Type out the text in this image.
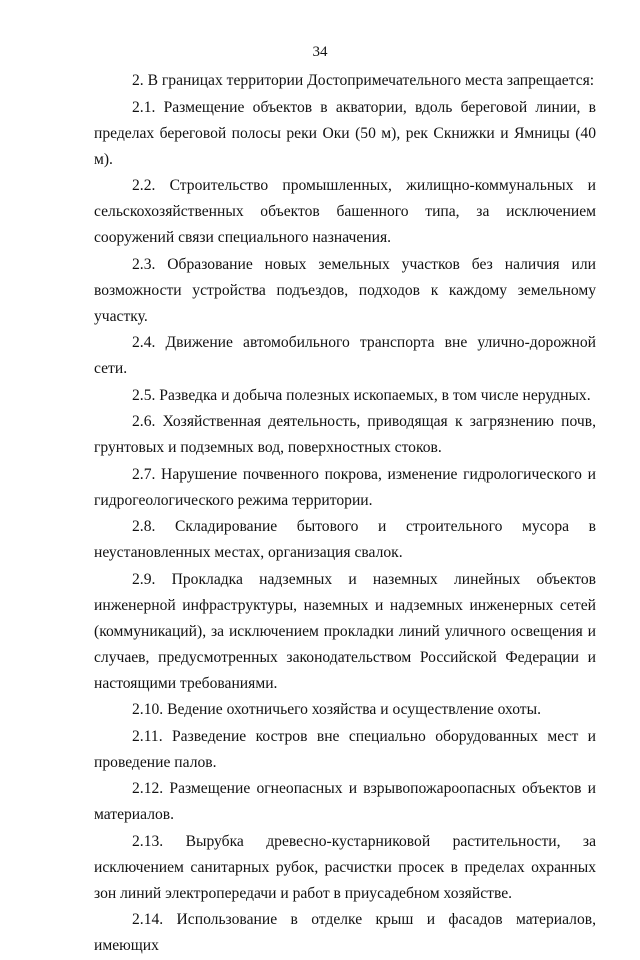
34

2. В границах территории Достопримечательного места запрещается:

2.1. Размещение объектов в акватории, вдоль береговой линии, в пределах береговой полосы реки Оки (50 м), рек Скнижки и Ямницы (40 м).

2.2. Строительство промышленных, жилищно-коммунальных и сельскохозяйственных объектов башенного типа, за исключением сооружений связи специального назначения.

2.3. Образование новых земельных участков без наличия или возможности устройства подъездов, подходов к каждому земельному участку.

2.4. Движение автомобильного транспорта вне улично-дорожной сети.

2.5. Разведка и добыча полезных ископаемых, в том числе нерудных.

2.6. Хозяйственная деятельность, приводящая к загрязнению почв, грунтовых и подземных вод, поверхностных стоков.

2.7. Нарушение почвенного покрова, изменение гидрологического и гидрогеологического режима территории.

2.8. Складирование бытового и строительного мусора в неустановленных местах, организация свалок.

2.9. Прокладка надземных и наземных линейных объектов инженерной инфраструктуры, наземных и надземных инженерных сетей (коммуникаций), за исключением прокладки линий уличного освещения и случаев, предусмотренных законодательством Российской Федерации и настоящими требованиями.

2.10. Ведение охотничьего хозяйства и осуществление охоты.

2.11. Разведение костров вне специально оборудованных мест и проведение палов.

2.12. Размещение огнеопасных и взрывопожароопасных объектов и материалов.

2.13. Вырубка древесно-кустарниковой растительности, за исключением санитарных рубок, расчистки просек в пределах охранных зон линий электропередачи и работ в приусадебном хозяйстве.

2.14. Использование в отделке крыш и фасадов материалов, имеющих
